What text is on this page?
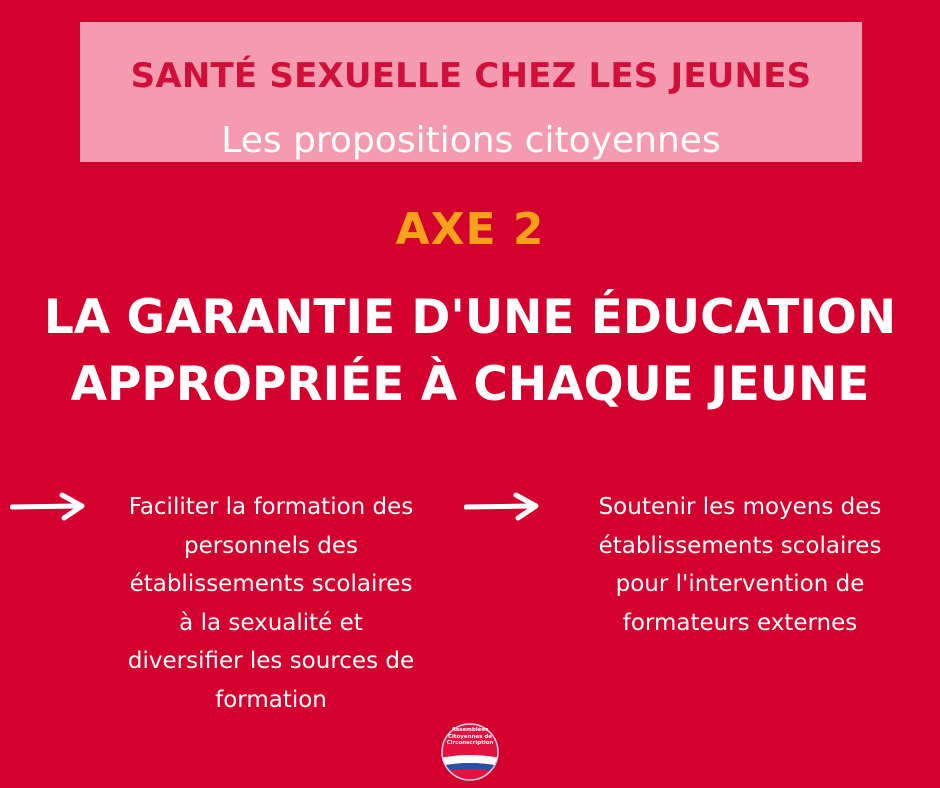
SANTÉ SEXUELLE CHEZ LES JEUNES
Les propositions citoyennes
AXE 2
LA GARANTIE D'UNE ÉDUCATION
APPROPRIÉE À CHAQUE JEUNE
Faciliter la formation des
personnels des
établissements scolaires
à la sexualité et
diversifier les sources de
formation
Soutenir les moyens des
établissements scolaires
pour l'intervention de
formateurs externes
Assemblées
Citoyennes de
Circonscription
